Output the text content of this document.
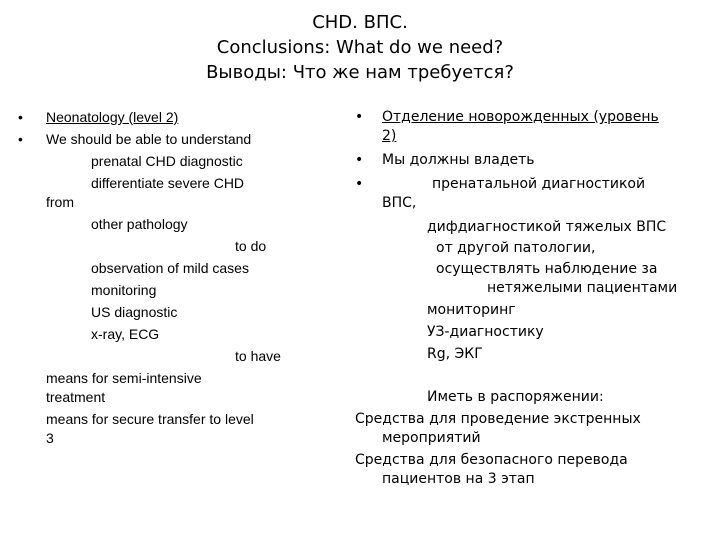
CHD. ВПС.
Conclusions: What do we need?
Выводы: Что же нам требуется?
• Neonatology (level 2)
• We should be able to understand
prenatal CHD diagnostic
differentiate severe CHD
from
other pathology
to do
observation of mild cases
monitoring
US diagnostic
x-ray, ECG
to have
means for semi-intensive
treatment
means for secure transfer to level
3
• Отделение новорожденных (уровень
2)
• Мы должны владеть
•	пренатальной диагностикой
ВПС,
дифдиагностикой тяжелых ВПС
от другой патологии,
осуществлять наблюдение за
нетяжелыми пациентами
мониторинг
УЗ-диагностику
Rg, ЭКГ
Иметь в распоряжении:
Средства для проведение экстренных
мероприятий
Средства для безопасного перевода
пациентов на 3 этап
